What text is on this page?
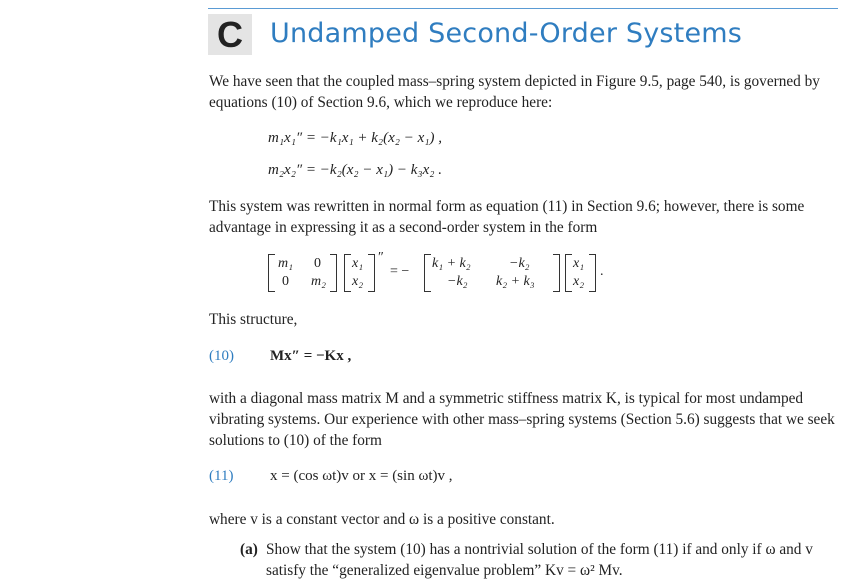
C	Undamped Second-Order Systems
We have seen that the coupled mass–spring system depicted in Figure 9.5, page 540, is governed by equations (10) of Section 9.6, which we reproduce here:
m₁x₁″ = −k₁x₁ + k₂(x₂ − x₁) ,
m₂x₂″ = −k₂(x₂ − x₁) − k₃x₂ .
This system was rewritten in normal form as equation (11) in Section 9.6; however, there is some advantage in expressing it as a second-order system in the form
m₁ 0
0 m₂
x₁
x₂
″
= −
k₁ + k₂	−k₂
−k₂ k₂ + k₃
x₁
x₂
.
This structure,
(10) Mx″ = −Kx ,
with a diagonal mass matrix M and a symmetric stiffness matrix K, is typical for most undamped vibrating systems. Our experience with other mass–spring systems (Section 5.6) suggests that we seek solutions to (10) of the form
(11) x = (cos ωt)v or x = (sin ωt)v ,
where v is a constant vector and ω is a positive constant.
(a) Show that the system (10) has a nontrivial solution of the form (11) if and only if ω and v satisfy the “generalized eigenvalue problem” Kv = ω² Mv.
